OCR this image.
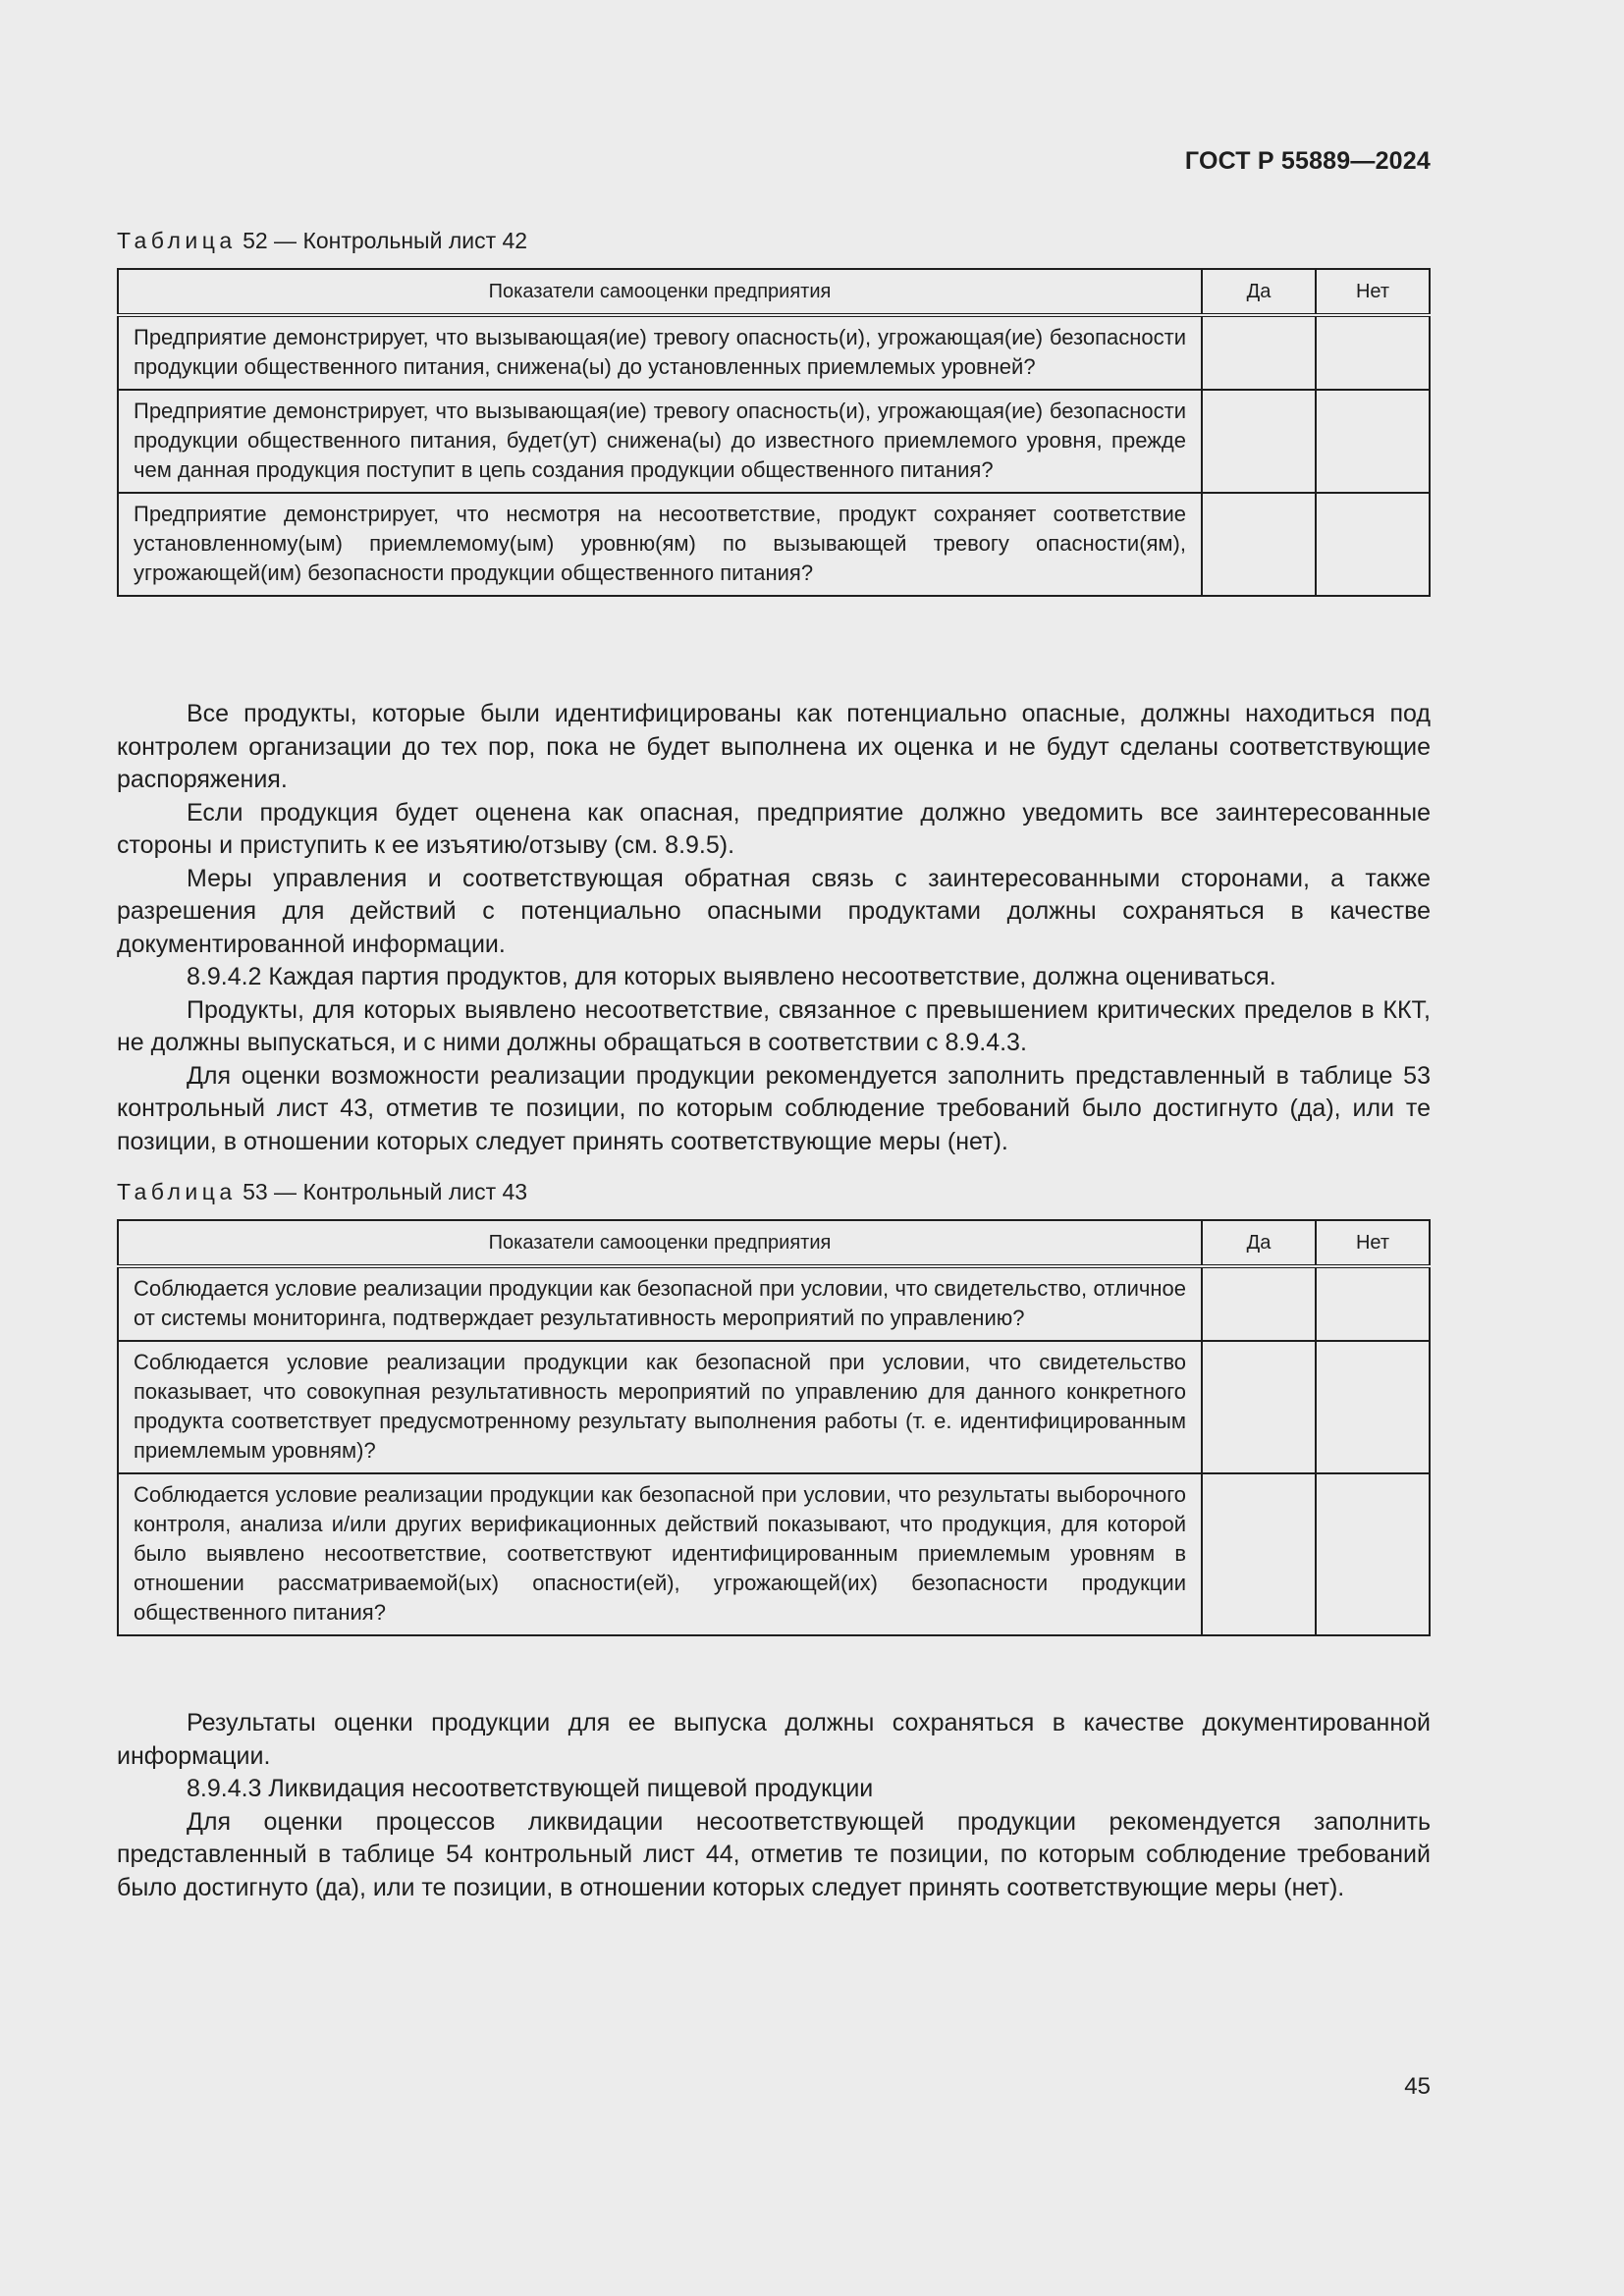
ГОСТ Р 55889—2024
Таблица 52 — Контрольный лист 42
Показатели самооценки предприятия	Да	Нет
Предприятие демонстрирует, что вызывающая(ие) тревогу опасность(и), угрожающая(ие) безопасности продукции общественного питания, снижена(ы) до установленных приемлемых уровней?		
Предприятие демонстрирует, что вызывающая(ие) тревогу опасность(и), угрожающая(ие) безопасности продукции общественного питания, будет(ут) снижена(ы) до известного приемлемого уровня, прежде чем данная продукция поступит в цепь создания продукции общественного питания?		
Предприятие демонстрирует, что несмотря на несоответствие, продукт сохраняет соответствие установленному(ым) приемлемому(ым) уровню(ям) по вызывающей тревогу опасности(ям), угрожающей(им) безопасности продукции общественного питания?		

Все продукты, которые были идентифицированы как потенциально опасные, должны находиться под контролем организации до тех пор, пока не будет выполнена их оценка и не будут сделаны соответствующие распоряжения.

Если продукция будет оценена как опасная, предприятие должно уведомить все заинтересованные стороны и приступить к ее изъятию/отзыву (см. 8.9.5).

Меры управления и соответствующая обратная связь с заинтересованными сторонами, а также разрешения для действий с потенциально опасными продуктами должны сохраняться в качестве документированной информации.

8.9.4.2 Каждая партия продуктов, для которых выявлено несоответствие, должна оцениваться.

Продукты, для которых выявлено несоответствие, связанное с превышением критических пределов в ККТ, не должны выпускаться, и с ними должны обращаться в соответствии с 8.9.4.3.

Для оценки возможности реализации продукции рекомендуется заполнить представленный в таблице 53 контрольный лист 43, отметив те позиции, по которым соблюдение требований было достигнуто (да), или те позиции, в отношении которых следует принять соответствующие меры (нет).

Таблица 53 — Контрольный лист 43
Показатели самооценки предприятия	Да	Нет
Соблюдается условие реализации продукции как безопасной при условии, что свидетельство, отличное от системы мониторинга, подтверждает результативность мероприятий по управлению?		
Соблюдается условие реализации продукции как безопасной при условии, что свидетельство показывает, что совокупная результативность мероприятий по управлению для данного конкретного продукта соответствует предусмотренному результату выполнения работы (т. е. идентифицированным приемлемым уровням)?		
Соблюдается условие реализации продукции как безопасной при условии, что результаты выборочного контроля, анализа и/или других верификационных действий показывают, что продукция, для которой было выявлено несоответствие, соответствуют идентифицированным приемлемым уровням в отношении рассматриваемой(ых) опасности(ей), угрожающей(их) безопасности продукции общественного питания?		

Результаты оценки продукции для ее выпуска должны сохраняться в качестве документированной информации.

8.9.4.3 Ликвидация несоответствующей пищевой продукции

Для оценки процессов ликвидации несоответствующей продукции рекомендуется заполнить представленный в таблице 54 контрольный лист 44, отметив те позиции, по которым соблюдение требований было достигнуто (да), или те позиции, в отношении которых следует принять соответствующие меры (нет).

45
